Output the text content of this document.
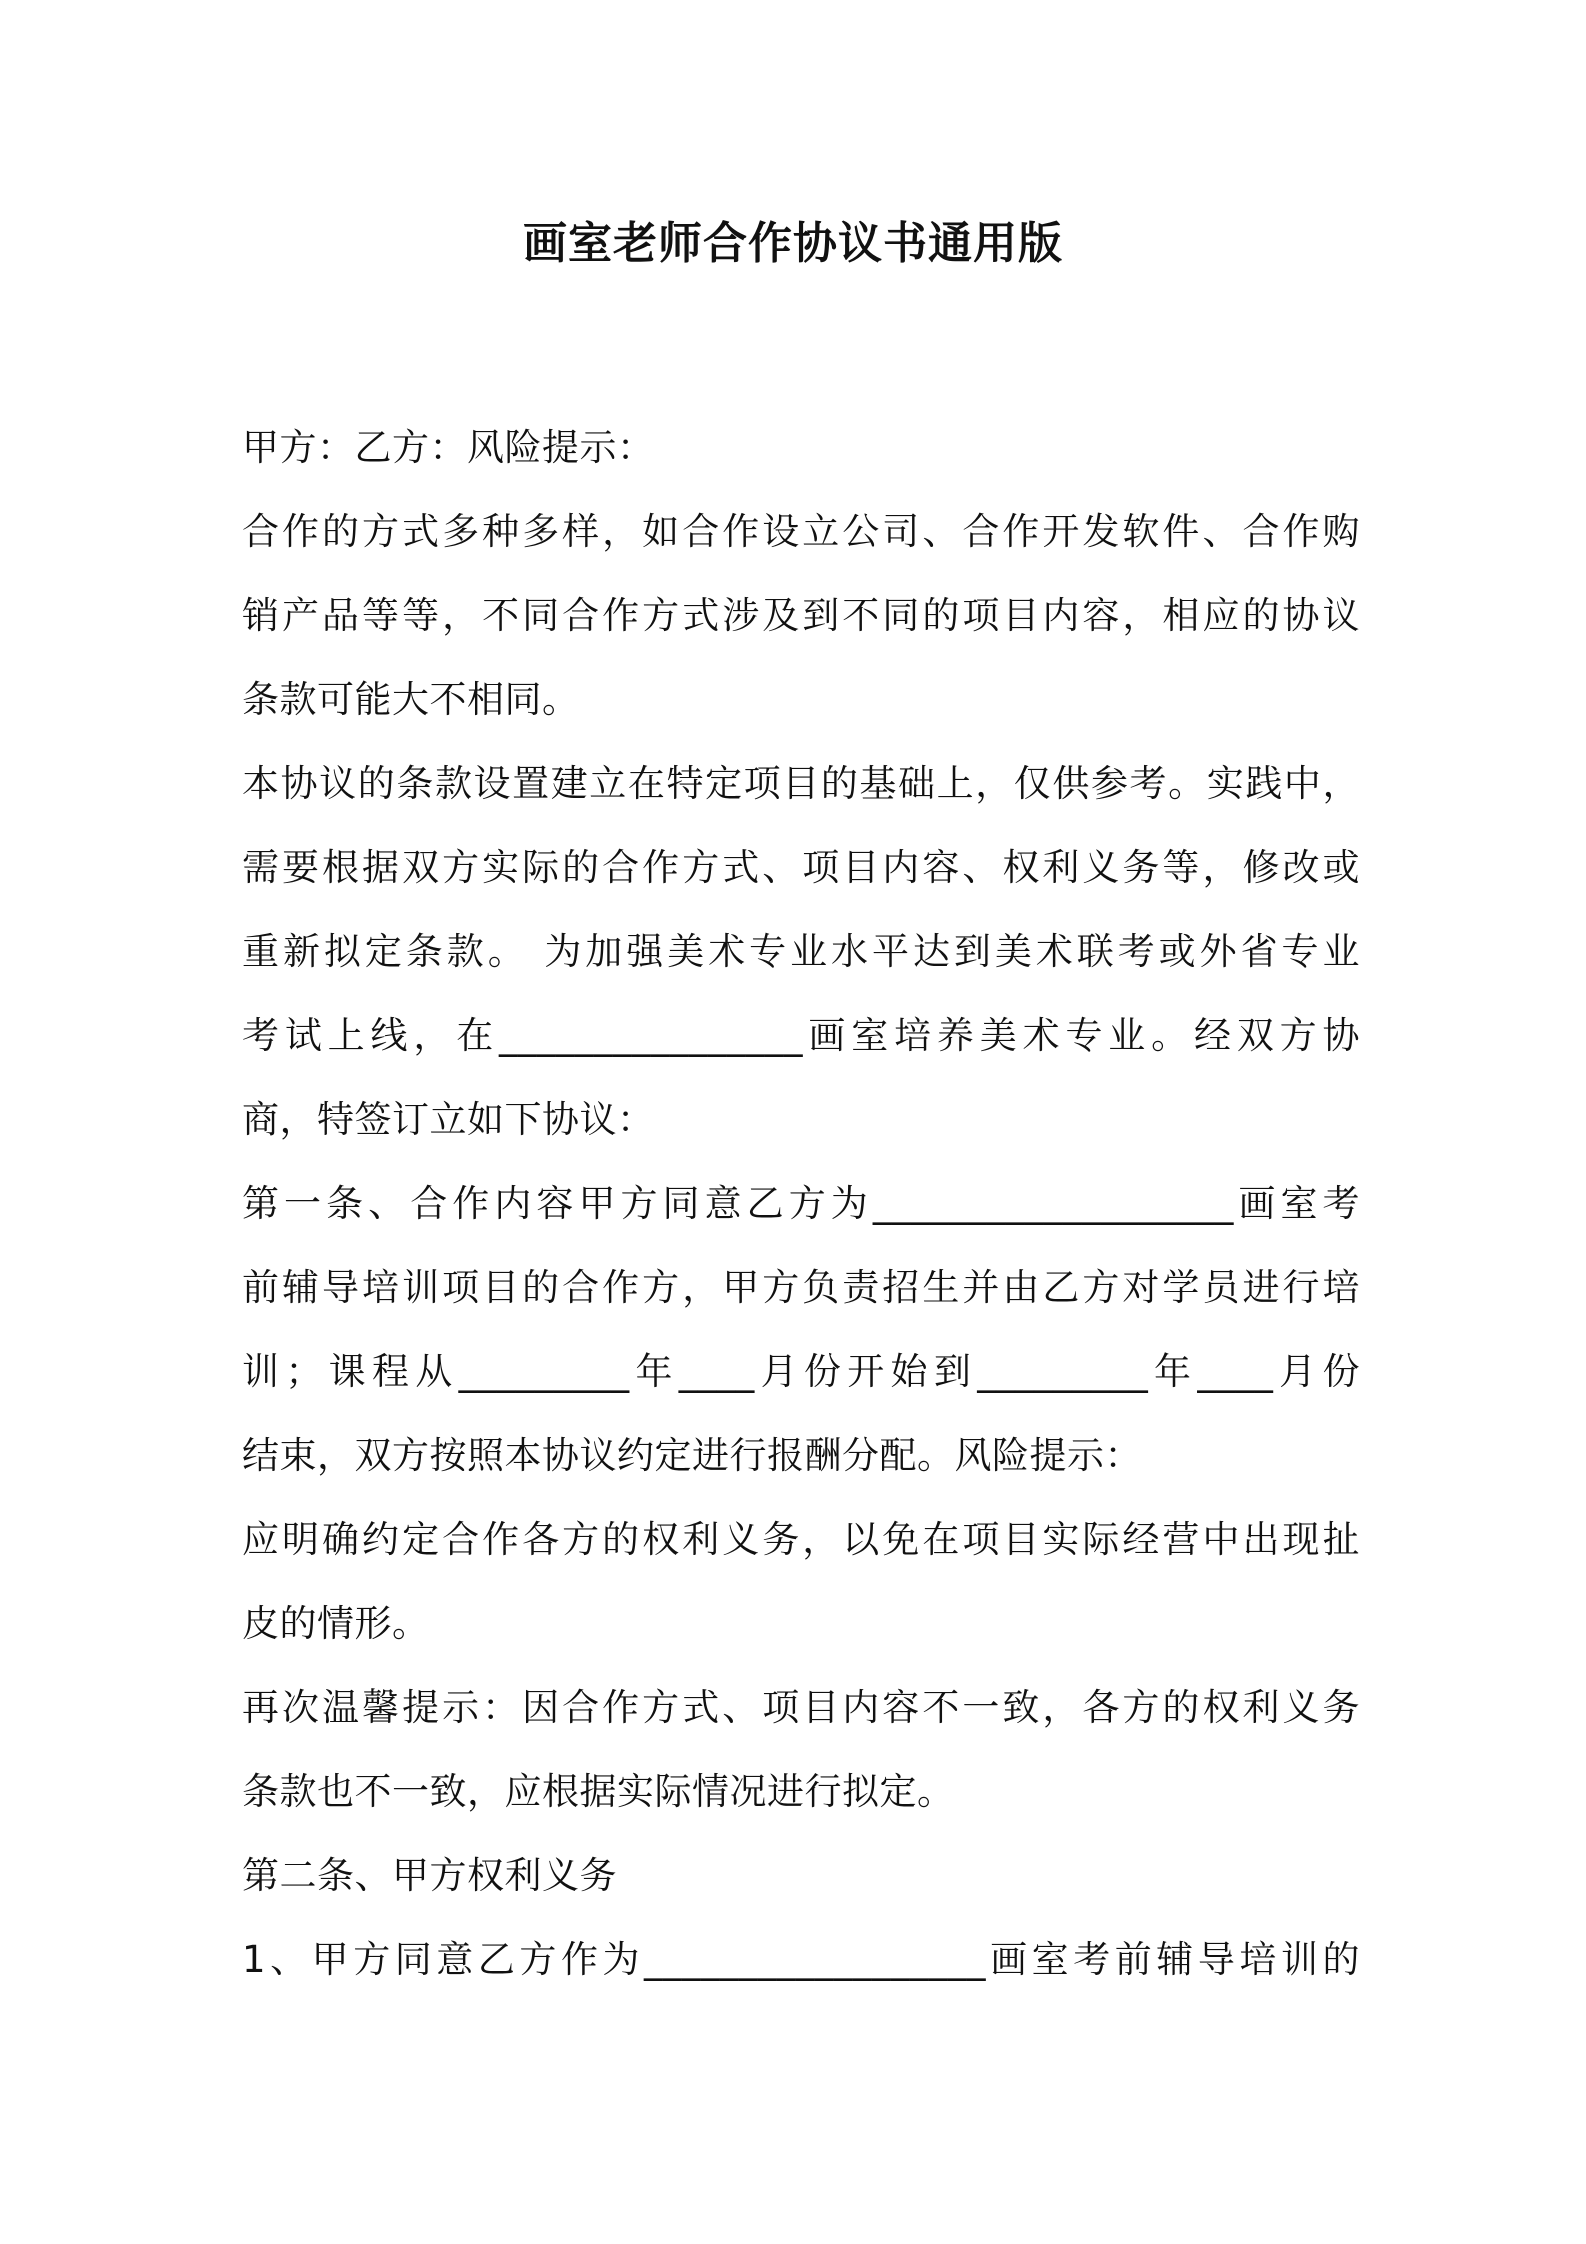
画室老师合作协议书通用版
甲方：乙方：风险提示：
合作的方式多种多样，如合作设立公司、合作开发软件、合作购
销产品等等，不同合作方式涉及到不同的项目内容，相应的协议
条款可能大不相同。
本协议的条款设置建立在特定项目的基础上，仅供参考。实践中，
需要根据双方实际的合作方式、项目内容、权利义务等，修改或
重新拟定条款。 为加强美术专业水平达到美术联考或外省专业
考试上线，在________________画室培养美术专业。经双方协
商，特签订立如下协议：
第一条、合作内容甲方同意乙方为___________________画室考
前辅导培训项目的合作方，甲方负责招生并由乙方对学员进行培
训；课程从_________年____月份开始到_________年____月份
结束，双方按照本协议约定进行报酬分配。风险提示：
应明确约定合作各方的权利义务，以免在项目实际经营中出现扯
皮的情形。
再次温馨提示：因合作方式、项目内容不一致，各方的权利义务
条款也不一致，应根据实际情况进行拟定。
第二条、甲方权利义务
1、甲方同意乙方作为__________________画室考前辅导培训的
